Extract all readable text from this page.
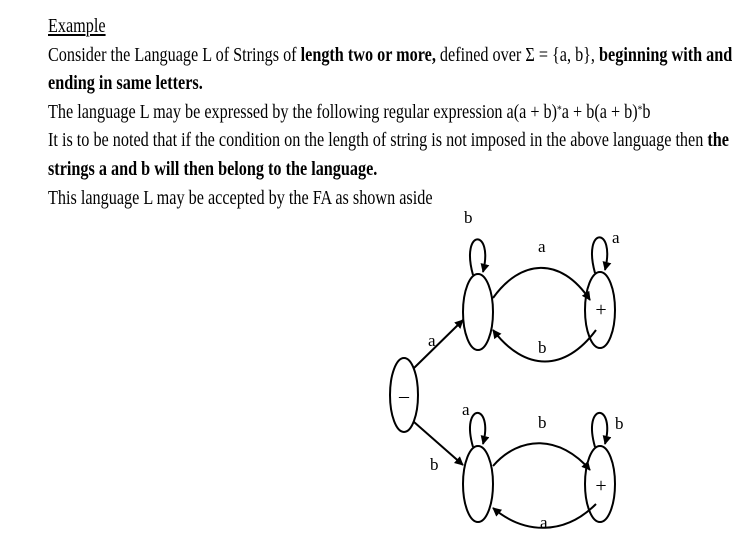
Example
Consider the Language L of Strings of length two or more, defined over Σ = {a, b}, beginning with and
ending in same letters.
The language L may be expressed by the following regular expression a(a + b)*a + b(a + b)*b
It is to be noted that if the condition on the length of string is not imposed in the above language then the
strings a and b will then belong to the language.
This language L may be accepted by the FA as shown aside
–
+
+
a
b
b
a
a
b
a
b
b
a
